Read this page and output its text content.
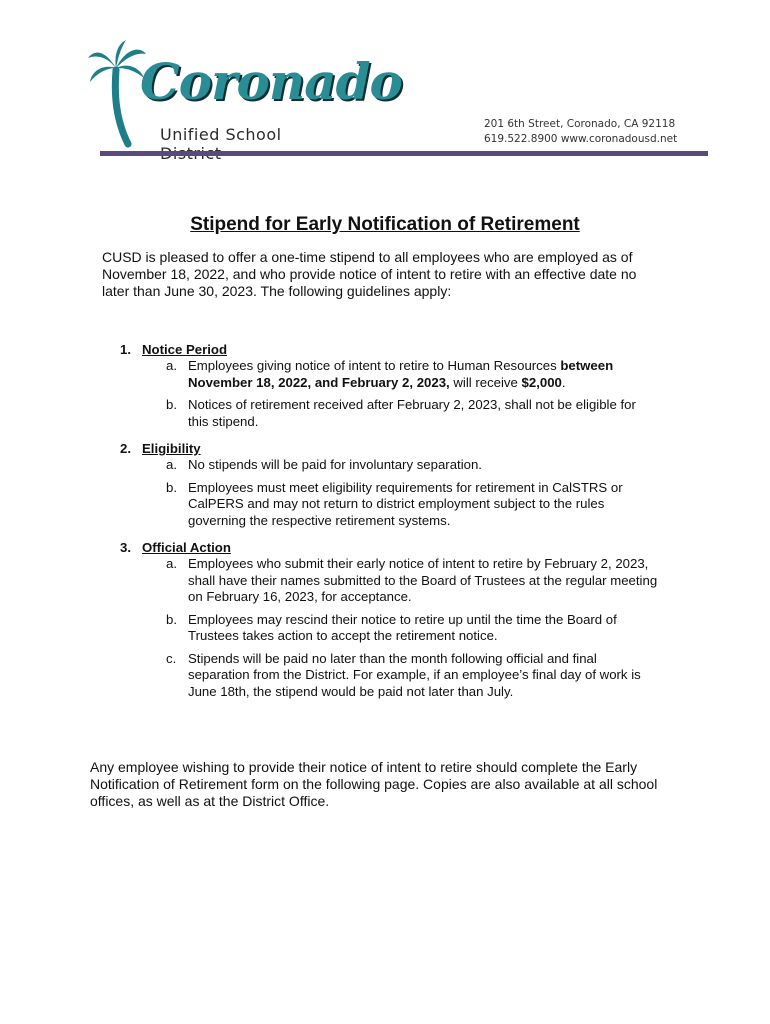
Coronado
Unified School
201 6th Street, Coronado, CA 92118
619.522.8900 www.coronadousd.net
Stipend for Early Notification of Retirement
CUSD is pleased to offer a one-time stipend to all employees who are employed as of November 18, 2022, and who provide notice of intent to retire with an effective date no later than June 30, 2023. The following guidelines apply:
1. Notice Period
a. Employees giving notice of intent to retire to Human Resources between November 18, 2022, and February 2, 2023, will receive $2,000.
b. Notices of retirement received after February 2, 2023, shall not be eligible for this stipend.
2. Eligibility
a. No stipends will be paid for involuntary separation.
b. Employees must meet eligibility requirements for retirement in CalSTRS or CalPERS and may not return to district employment subject to the rules governing the respective retirement systems.
3. Official Action
a. Employees who submit their early notice of intent to retire by February 2, 2023, shall have their names submitted to the Board of Trustees at the regular meeting on February 16, 2023, for acceptance.
b. Employees may rescind their notice to retire up until the time the Board of Trustees takes action to accept the retirement notice.
c. Stipends will be paid no later than the month following official and final separation from the District. For example, if an employee’s final day of work is June 18th, the stipend would be paid not later than July.
Any employee wishing to provide their notice of intent to retire should complete the Early Notification of Retirement form on the following page. Copies are also available at all school offices, as well as at the District Office.
